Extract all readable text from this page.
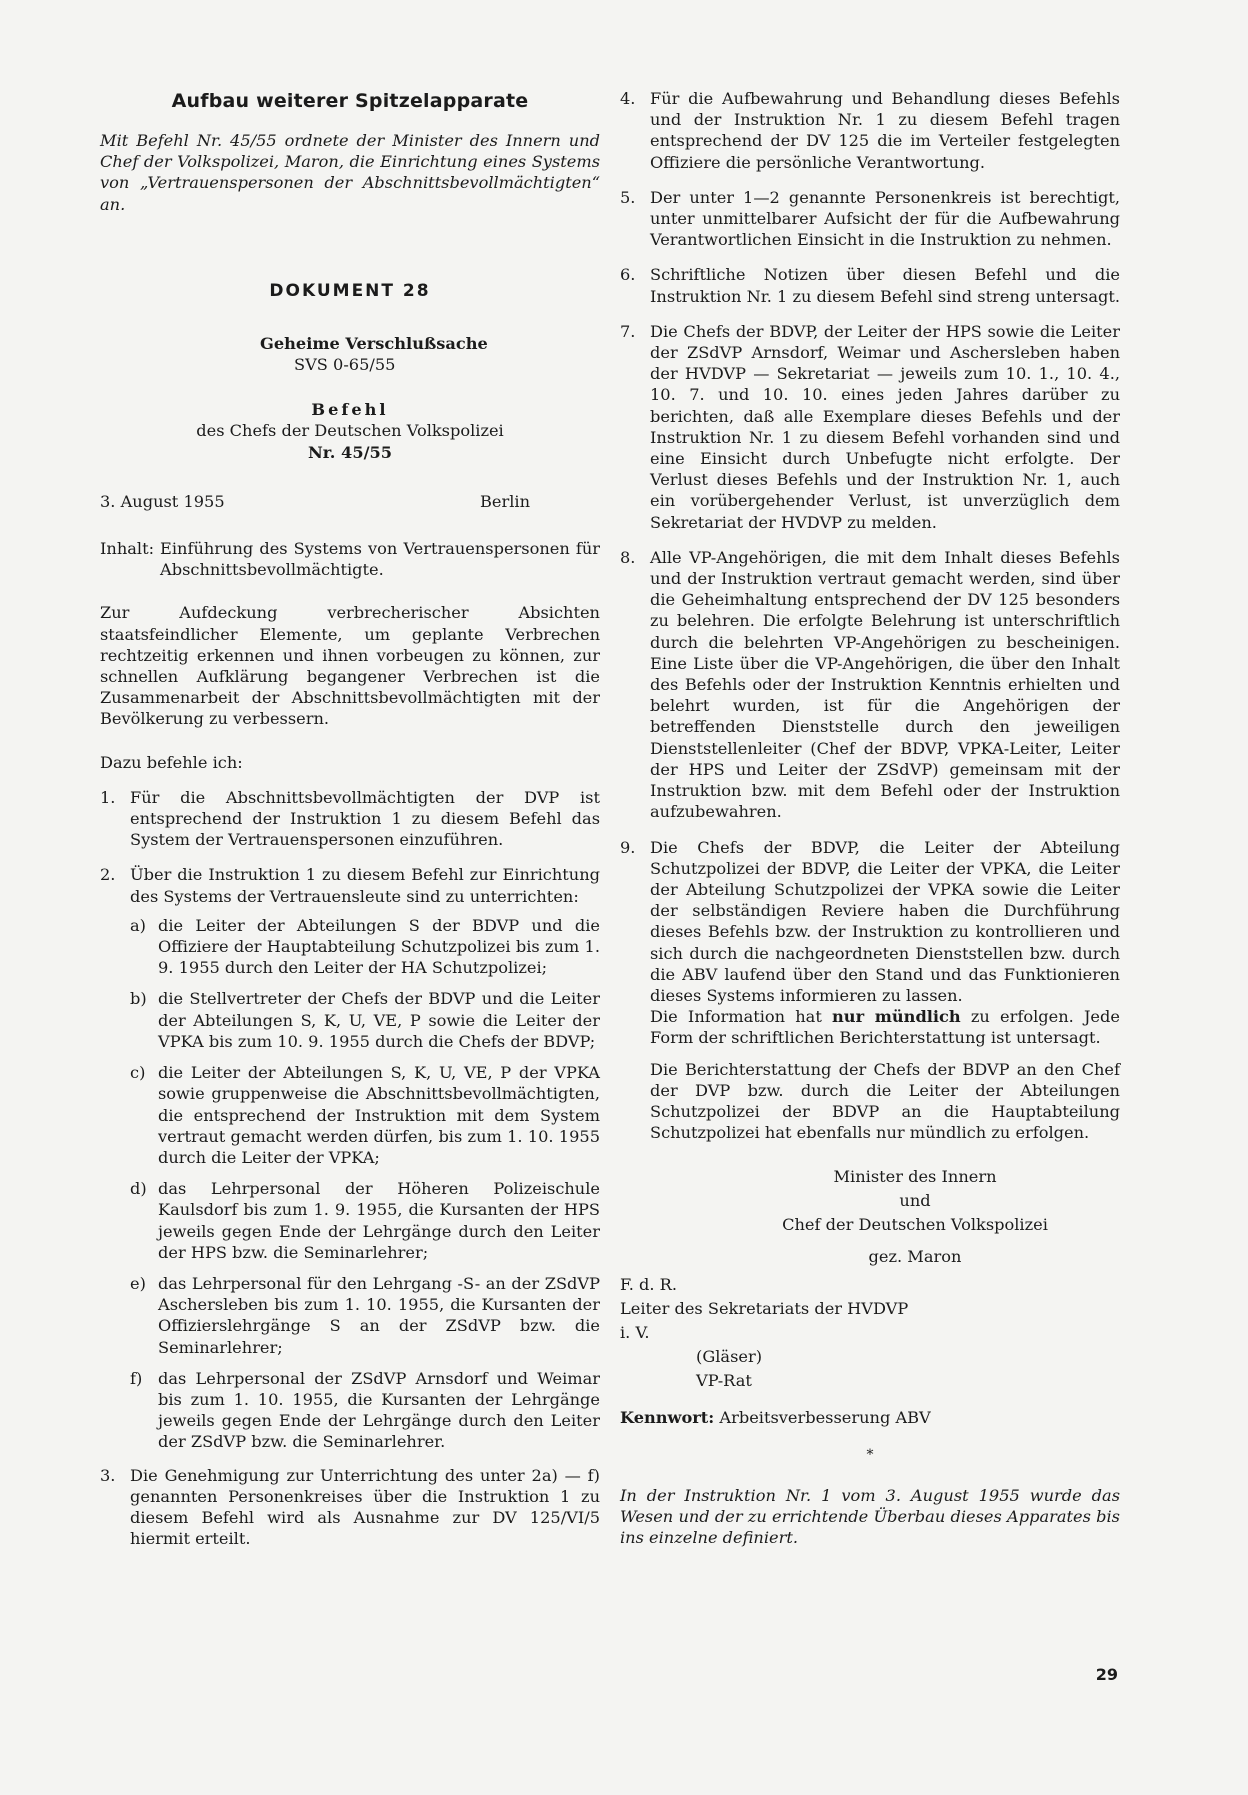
Aufbau weiterer Spitzelapparate

Mit Befehl Nr. 45/55 ordnete der Minister des Innern und Chef der Volkspolizei, Maron, die Einrichtung eines Systems von „Vertrauenspersonen der Abschnittsbevollmächtigten“ an.

DOKUMENT 28

Geheime Verschlußsache

SVS 0-65/55

Befehl

des Chefs der Deutschen Volkspolizei

Nr. 45/55

3. August 1955	Berlin
Inhalt: Einführung des Systems von Vertrauenspersonen für Abschnittsbevollmächtigte.

Zur Aufdeckung verbrecherischer Absichten staatsfeindlicher Elemente, um geplante Verbrechen rechtzeitig erkennen und ihnen vorbeugen zu können, zur schnellen Aufklärung begangener Verbrechen ist die Zusammenarbeit der Abschnittsbevollmächtigten mit der Bevölkerung zu verbessern.

Dazu befehle ich:

1. Für die Abschnittsbevollmächtigten der DVP ist entsprechend der Instruktion 1 zu diesem Befehl das System der Vertrauenspersonen einzuführen.

2. Über die Instruktion 1 zu diesem Befehl zur Einrichtung des Systems der Vertrauensleute sind zu unterrichten:

a) die Leiter der Abteilungen S der BDVP und die Offiziere der Hauptabteilung Schutzpolizei bis zum 1. 9. 1955 durch den Leiter der HA Schutzpolizei;

b) die Stellvertreter der Chefs der BDVP und die Leiter der Abteilungen S, K, U, VE, P sowie die Leiter der VPKA bis zum 10. 9. 1955 durch die Chefs der BDVP;

c) die Leiter der Abteilungen S, K, U, VE, P der VPKA sowie gruppenweise die Abschnittsbevollmächtigten, die entsprechend der Instruktion mit dem System vertraut gemacht werden dürfen, bis zum 1. 10. 1955 durch die Leiter der VPKA;

d) das Lehrpersonal der Höheren Polizeischule Kaulsdorf bis zum 1. 9. 1955, die Kursanten der HPS jeweils gegen Ende der Lehrgänge durch den Leiter der HPS bzw. die Seminarlehrer;

e) das Lehrpersonal für den Lehrgang -S- an der ZSdVP Aschersleben bis zum 1. 10. 1955, die Kursanten der Offizierslehrgänge S an der ZSdVP bzw. die Seminarlehrer;

f) das Lehrpersonal der ZSdVP Arnsdorf und Weimar bis zum 1. 10. 1955, die Kursanten der Lehrgänge jeweils gegen Ende der Lehrgänge durch den Leiter der ZSdVP bzw. die Seminarlehrer.

3. Die Genehmigung zur Unterrichtung des unter 2a) — f) genannten Personenkreises über die Instruktion 1 zu diesem Befehl wird als Ausnahme zur DV 125/VI/5 hiermit erteilt.

4. Für die Aufbewahrung und Behandlung dieses Befehls und der Instruktion Nr. 1 zu diesem Befehl tragen entsprechend der DV 125 die im Verteiler festgelegten Offiziere die persönliche Verantwortung.

5. Der unter 1—2 genannte Personenkreis ist berechtigt, unter unmittelbarer Aufsicht der für die Aufbewahrung Verantwortlichen Einsicht in die Instruktion zu nehmen.

6. Schriftliche Notizen über diesen Befehl und die Instruktion Nr. 1 zu diesem Befehl sind streng untersagt.

7. Die Chefs der BDVP, der Leiter der HPS sowie die Leiter der ZSdVP Arnsdorf, Weimar und Aschersleben haben der HVDVP — Sekretariat — jeweils zum 10. 1., 10. 4., 10. 7. und 10. 10. eines jeden Jahres darüber zu berichten, daß alle Exemplare dieses Befehls und der Instruktion Nr. 1 zu diesem Befehl vorhanden sind und eine Einsicht durch Unbefugte nicht erfolgte. Der Verlust dieses Befehls und der Instruktion Nr. 1, auch ein vorübergehender Verlust, ist unverzüglich dem Sekretariat der HVDVP zu melden.

8. Alle VP-Angehörigen, die mit dem Inhalt dieses Befehls und der Instruktion vertraut gemacht werden, sind über die Geheimhaltung entsprechend der DV 125 besonders zu belehren. Die erfolgte Belehrung ist unterschriftlich durch die belehrten VP-Angehörigen zu bescheinigen. Eine Liste über die VP-Angehörigen, die über den Inhalt des Befehls oder der Instruktion Kenntnis erhielten und belehrt wurden, ist für die Angehörigen der betreffenden Dienststelle durch den jeweiligen Dienststellenleiter (Chef der BDVP, VPKA-Leiter, Leiter der HPS und Leiter der ZSdVP) gemeinsam mit der Instruktion bzw. mit dem Befehl oder der Instruktion aufzubewahren.

9. Die Chefs der BDVP, die Leiter der Abteilung Schutzpolizei der BDVP, die Leiter der VPKA, die Leiter der Abteilung Schutzpolizei der VPKA sowie die Leiter der selbständigen Reviere haben die Durchführung dieses Befehls bzw. der Instruktion zu kontrollieren und sich durch die nachgeordneten Dienststellen bzw. durch die ABV laufend über den Stand und das Funktionieren dieses Systems informieren zu lassen.

Die Information hat nur mündlich zu erfolgen. Jede Form der schriftlichen Berichterstattung ist untersagt.

Die Berichterstattung der Chefs der BDVP an den Chef der DVP bzw. durch die Leiter der Abteilungen Schutzpolizei der BDVP an die Hauptabteilung Schutzpolizei hat ebenfalls nur mündlich zu erfolgen.

Minister des Innern
und
Chef der Deutschen Volkspolizei
gez. Maron
F. d. R.
Leiter des Sekretariats der HVDVP
i. V.
(Gläser)
VP-Rat

Kennwort: Arbeitsverbesserung ABV

*

In der Instruktion Nr. 1 vom 3. August 1955 wurde das Wesen und der zu errichtende Überbau dieses Apparates bis ins einzelne definiert.

29
